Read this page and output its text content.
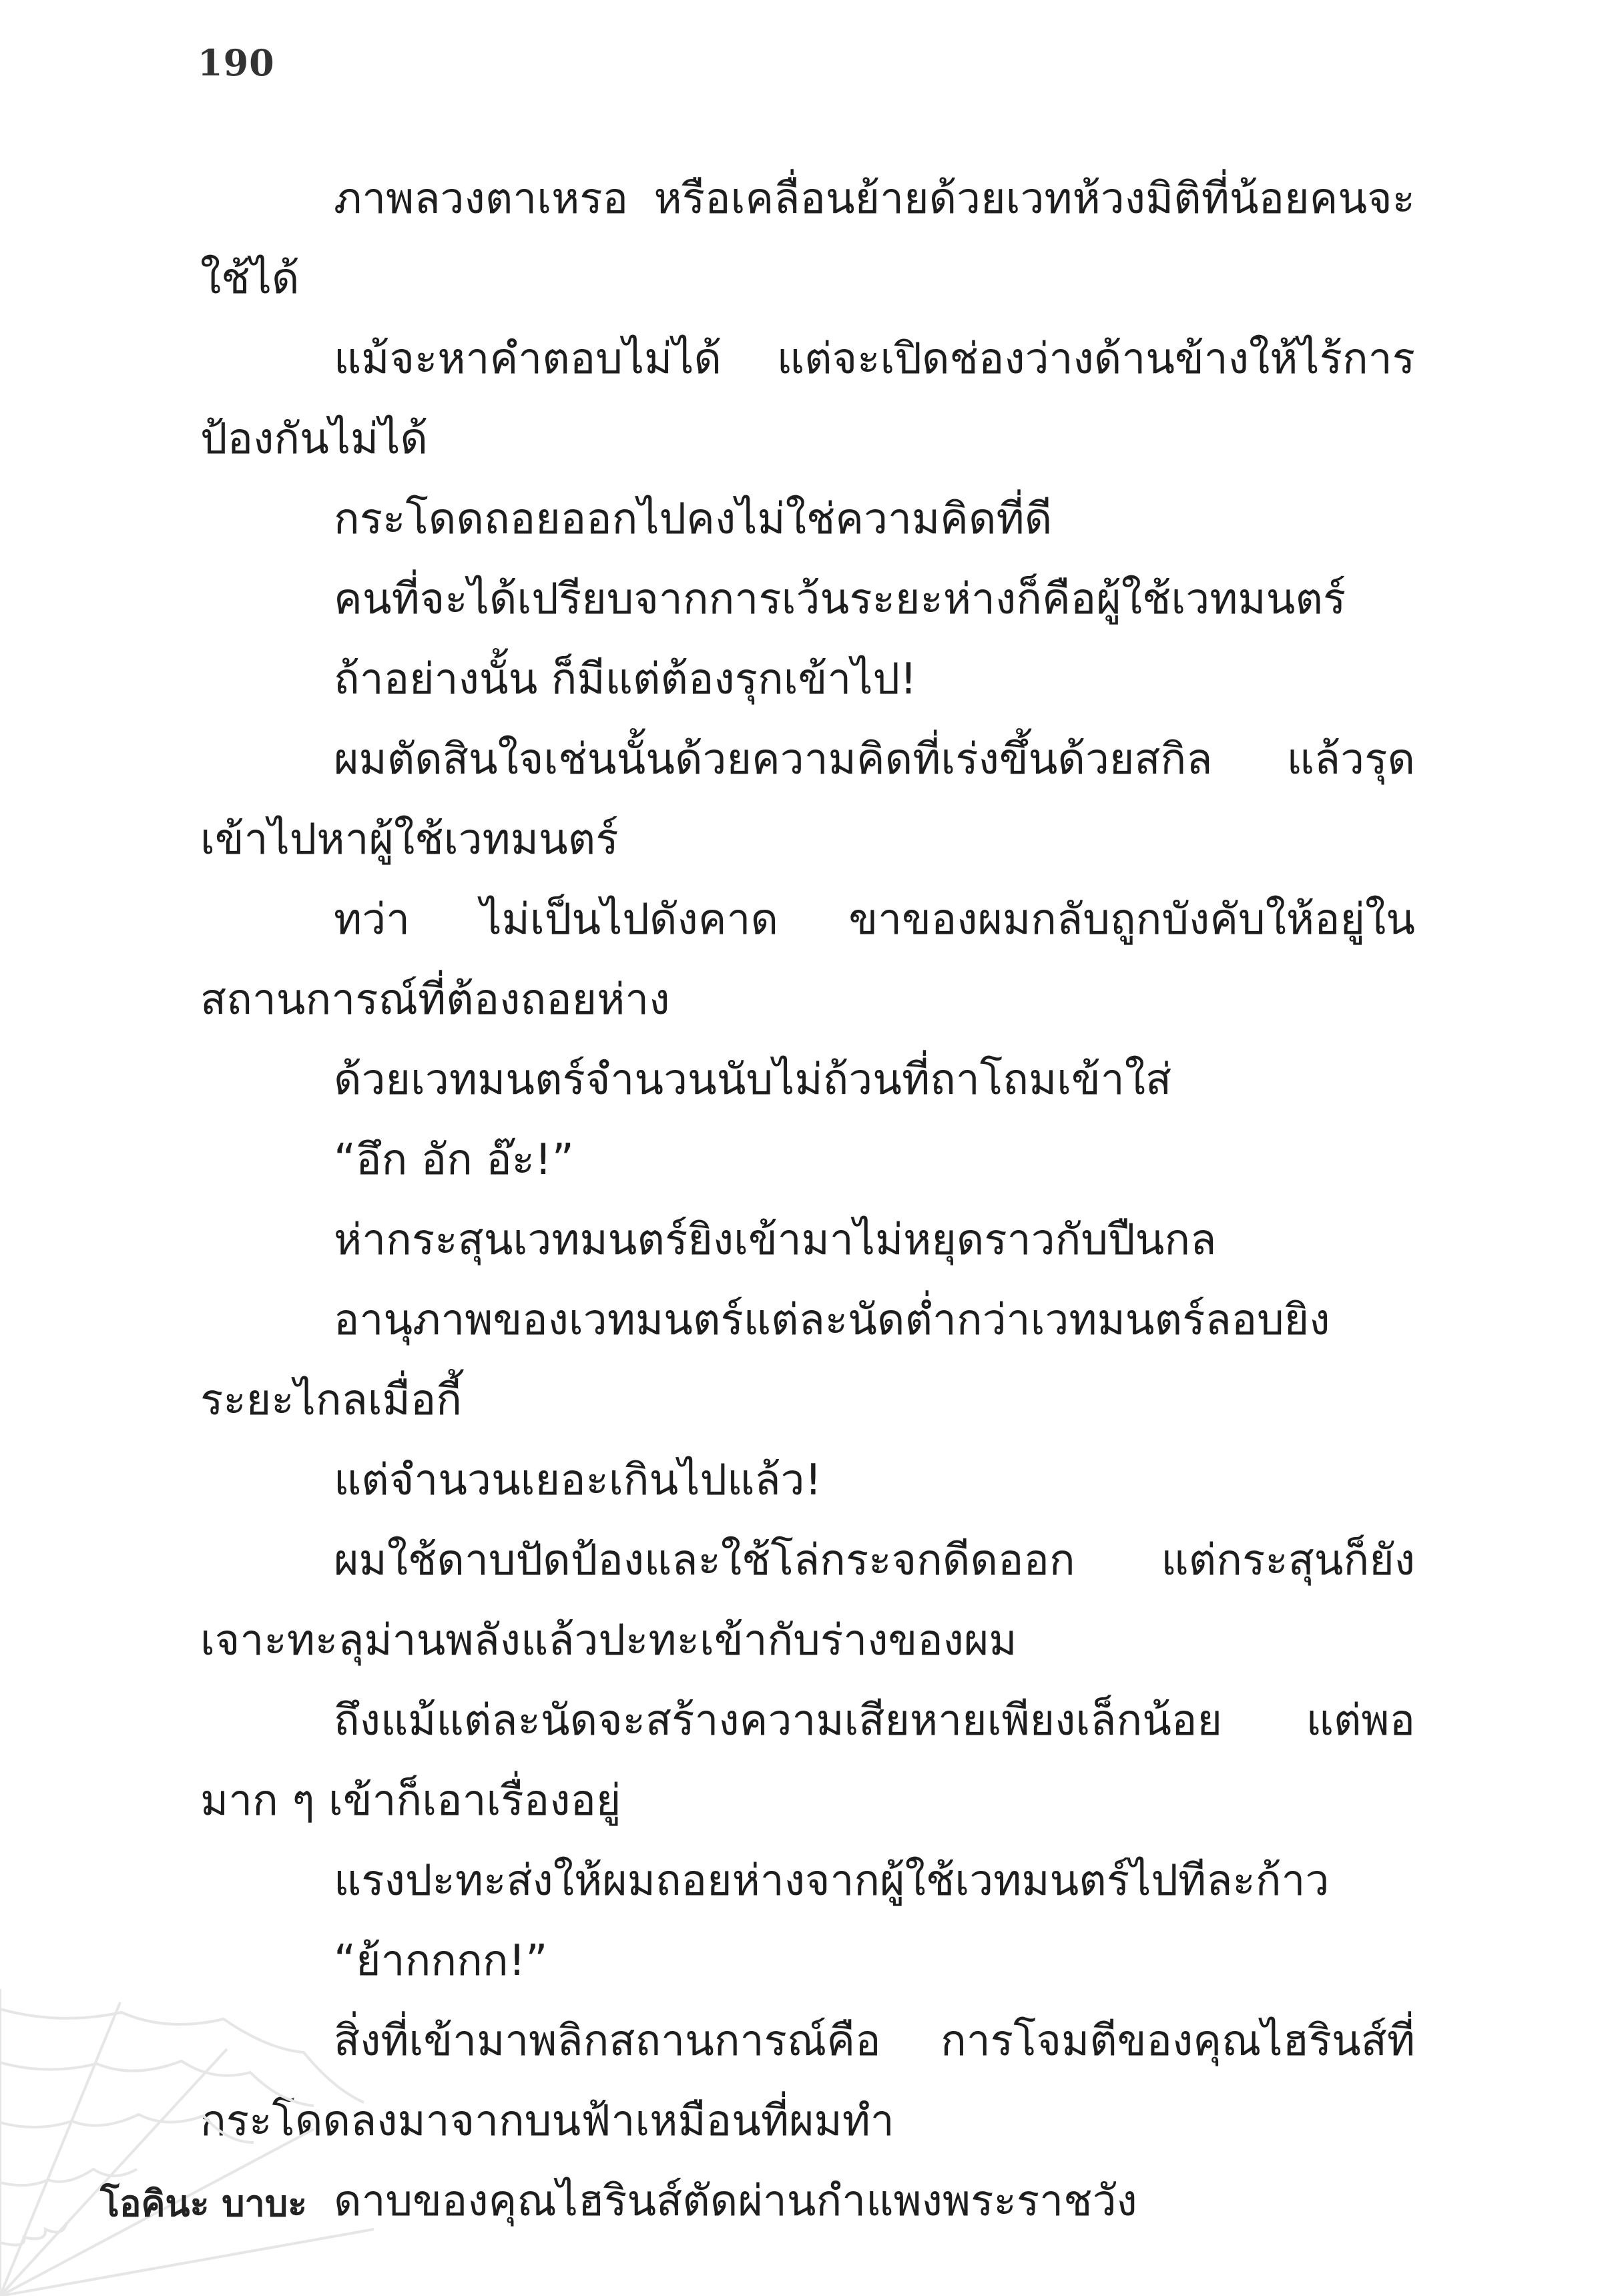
190

ภาพลวงตาเหรอ หรือเคลื่อนย้ายด้วยเวทห้วงมิติที่น้อยคนจะใช้ได้

แม้จะหาคำตอบไม่ได้ แต่จะเปิดช่องว่างด้านข้างให้ไร้การป้องกันไม่ได้

กระโดดถอยออกไปคงไม่ใช่ความคิดที่ดี

คนที่จะได้เปรียบจากการเว้นระยะห่างก็คือผู้ใช้เวทมนตร์

ถ้าอย่างนั้น ก็มีแต่ต้องรุกเข้าไป!

ผมตัดสินใจเช่นนั้นด้วยความคิดที่เร่งขึ้นด้วยสกิล แล้วรุดเข้าไปหาผู้ใช้เวทมนตร์

ทว่า ไม่เป็นไปดังคาด ขาของผมกลับถูกบังคับให้อยู่ในสถานการณ์ที่ต้องถอยห่าง

ด้วยเวทมนตร์จำนวนนับไม่ถ้วนที่ถาโถมเข้าใส่

“อึก อัก อ๊ะ!”

ห่ากระสุนเวทมนตร์ยิงเข้ามาไม่หยุดราวกับปืนกล

อานุภาพของเวทมนตร์แต่ละนัดต่ำกว่าเวทมนตร์ลอบยิงระยะไกลเมื่อกี้

แต่จำนวนเยอะเกินไปแล้ว!

ผมใช้ดาบปัดป้องและใช้โล่กระจกดีดออก แต่กระสุนก็ยังเจาะทะลุม่านพลังแล้วปะทะเข้ากับร่างของผม

ถึงแม้แต่ละนัดจะสร้างความเสียหายเพียงเล็กน้อย แต่พอมาก ๆ เข้าก็เอาเรื่องอยู่

แรงปะทะส่งให้ผมถอยห่างจากผู้ใช้เวทมนตร์ไปทีละก้าว

“ย้ากกกก!”

สิ่งที่เข้ามาพลิกสถานการณ์คือ การโจมตีของคุณไฮรินส์ที่กระโดดลงมาจากบนฟ้าเหมือนที่ผมทำ

ดาบของคุณไฮรินส์ตัดผ่านกำแพงพระราชวัง

โอคินะ บาบะ
